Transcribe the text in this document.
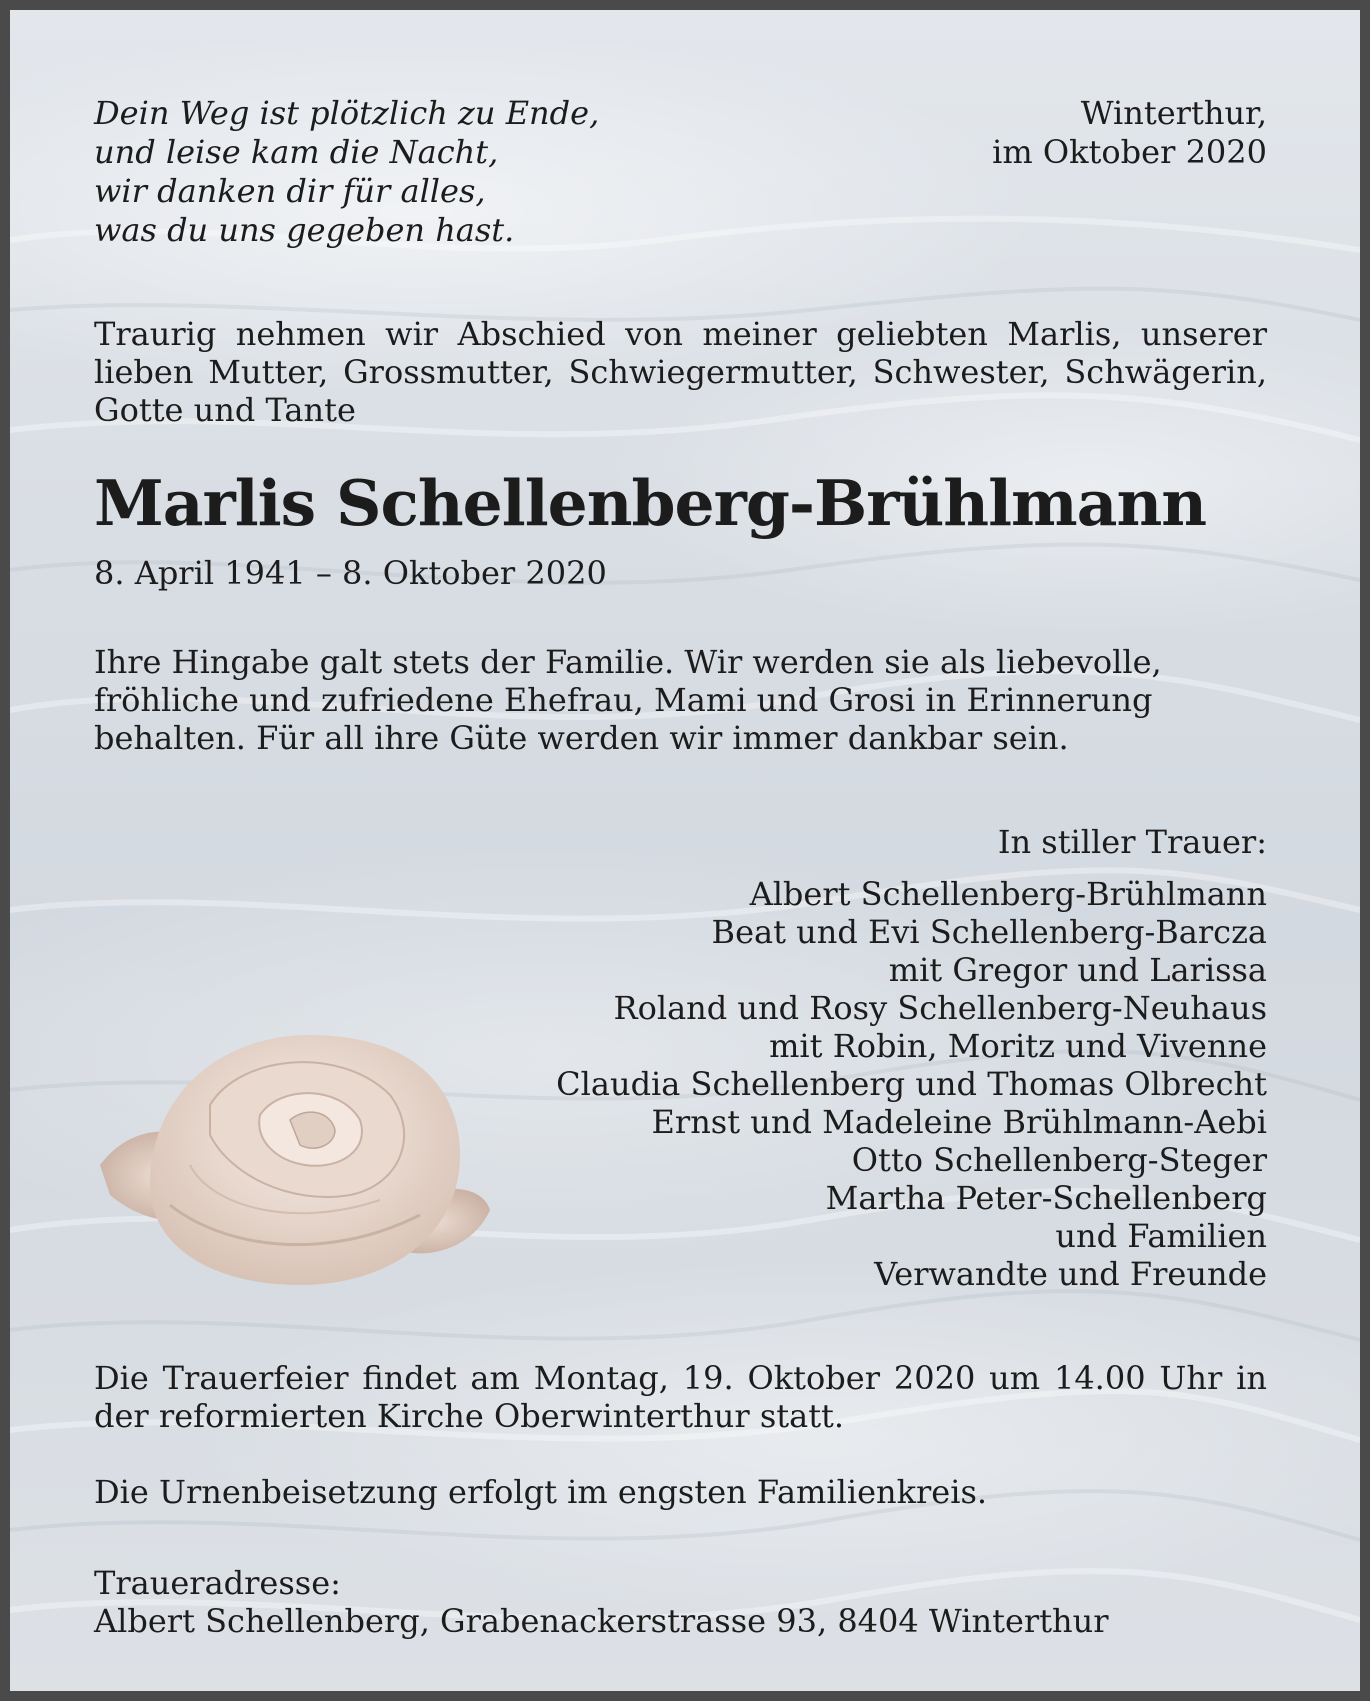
Dein Weg ist plötzlich zu Ende,
und leise kam die Nacht,
wir danken dir für alles,
was du uns gegeben hast.
Winterthur,
im Oktober 2020
Traurig nehmen wir Abschied von meiner geliebten Marlis, unserer lieben Mutter, Grossmutter, Schwiegermutter, Schwester, Schwägerin, Gotte und Tante
Marlis Schellenberg-Brühlmann
8. April 1941 – 8. Oktober 2020
Ihre Hingabe galt stets der Familie. Wir werden sie als liebevolle, fröhliche und zufriedene Ehefrau, Mami und Grosi in Erinnerung behalten. Für all ihre Güte werden wir immer dankbar sein.
In stiller Trauer:
Albert Schellenberg-Brühlmann
Beat und Evi Schellenberg-Barcza
mit Gregor und Larissa
Roland und Rosy Schellenberg-Neuhaus
mit Robin, Moritz und Vivenne
Claudia Schellenberg und Thomas Olbrecht
Ernst und Madeleine Brühlmann-Aebi
Otto Schellenberg-Steger
Martha Peter-Schellenberg
und Familien
Verwandte und Freunde
Die Trauerfeier findet am Montag, 19. Oktober 2020 um 14.00 Uhr in der reformierten Kirche Oberwinterthur statt.
Die Urnenbeisetzung erfolgt im engsten Familienkreis.
Traueradresse:
Albert Schellenberg, Grabenackerstrasse 93, 8404 Winterthur
